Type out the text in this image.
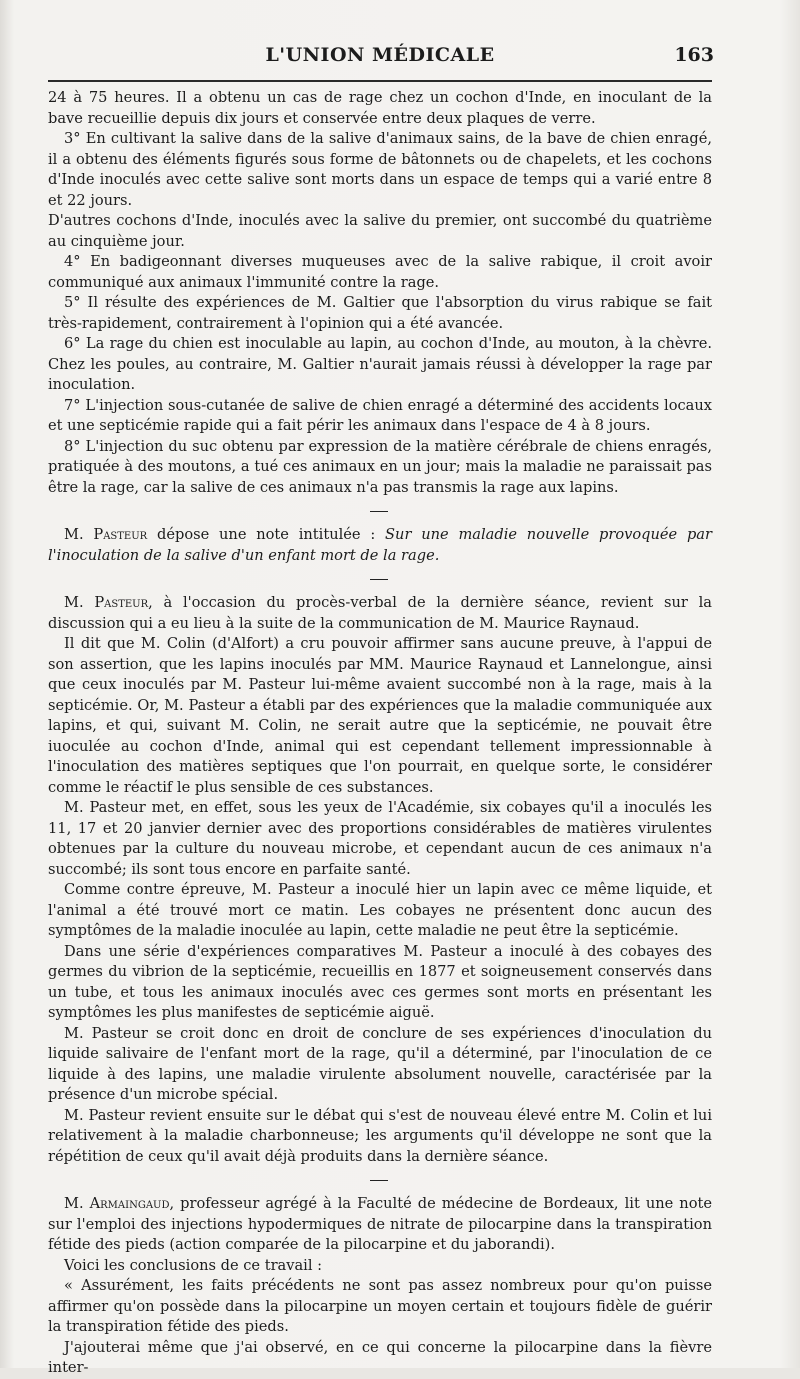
L'UNION MÉDICALE	163

24 à 75 heures. Il a obtenu un cas de rage chez un cochon d'Inde, en inoculant de la bave recueillie depuis dix jours et conservée entre deux plaques de verre.

3° En cultivant la salive dans de la salive d'animaux sains, de la bave de chien enragé, il a obtenu des éléments figurés sous forme de bâtonnets ou de chapelets, et les cochons d'Inde inoculés avec cette salive sont morts dans un espace de temps qui a varié entre 8 et 22 jours.

D'autres cochons d'Inde, inoculés avec la salive du premier, ont succombé du quatrième au cinquième jour.

4° En badigeonnant diverses muqueuses avec de la salive rabique, il croit avoir communiqué aux animaux l'immunité contre la rage.

5° Il résulte des expériences de M. Galtier que l'absorption du virus rabique se fait très-rapidement, contrairement à l'opinion qui a été avancée.

6° La rage du chien est inoculable au lapin, au cochon d'Inde, au mouton, à la chèvre. Chez les poules, au contraire, M. Galtier n'aurait jamais réussi à développer la rage par inoculation.

7° L'injection sous-cutanée de salive de chien enragé a déterminé des accidents locaux et une septicémie rapide qui a fait périr les animaux dans l'espace de 4 à 8 jours.

8° L'injection du suc obtenu par expression de la matière cérébrale de chiens enragés, pratiquée à des moutons, a tué ces animaux en un jour; mais la maladie ne paraissait pas être la rage, car la salive de ces animaux n'a pas transmis la rage aux lapins.

M. Pasteur dépose une note intitulée : Sur une maladie nouvelle provoquée par l'inoculation de la salive d'un enfant mort de la rage.

M. Pasteur, à l'occasion du procès-verbal de la dernière séance, revient sur la discussion qui a eu lieu à la suite de la communication de M. Maurice Raynaud.

Il dit que M. Colin (d'Alfort) a cru pouvoir affirmer sans aucune preuve, à l'appui de son assertion, que les lapins inoculés par MM. Maurice Raynaud et Lannelongue, ainsi que ceux inoculés par M. Pasteur lui-même avaient succombé non à la rage, mais à la septicémie. Or, M. Pasteur a établi par des expériences que la maladie communiquée aux lapins, et qui, suivant M. Colin, ne serait autre que la septicémie, ne pouvait être iuoculée au cochon d'Inde, animal qui est cependant tellement impressionnable à l'inoculation des matières septiques que l'on pourrait, en quelque sorte, le considérer comme le réactif le plus sensible de ces substances.

M. Pasteur met, en effet, sous les yeux de l'Académie, six cobayes qu'il a inoculés les 11, 17 et 20 janvier dernier avec des proportions considérables de matières virulentes obtenues par la culture du nouveau microbe, et cependant aucun de ces animaux n'a succombé; ils sont tous encore en parfaite santé.

Comme contre épreuve, M. Pasteur a inoculé hier un lapin avec ce même liquide, et l'animal a été trouvé mort ce matin. Les cobayes ne présentent donc aucun des symptômes de la maladie inoculée au lapin, cette maladie ne peut être la septicémie.

Dans une série d'expériences comparatives M. Pasteur a inoculé à des cobayes des germes du vibrion de la septicémie, recueillis en 1877 et soigneusement conservés dans un tube, et tous les animaux inoculés avec ces germes sont morts en présentant les symptômes les plus manifestes de septicémie aiguë.

M. Pasteur se croit donc en droit de conclure de ses expériences d'inoculation du liquide salivaire de l'enfant mort de la rage, qu'il a déterminé, par l'inoculation de ce liquide à des lapins, une maladie virulente absolument nouvelle, caractérisée par la présence d'un microbe spécial.

M. Pasteur revient ensuite sur le débat qui s'est de nouveau élevé entre M. Colin et lui relativement à la maladie charbonneuse; les arguments qu'il développe ne sont que la répétition de ceux qu'il avait déjà produits dans la dernière séance.

M. Armaingaud, professeur agrégé à la Faculté de médecine de Bordeaux, lit une note sur l'emploi des injections hypodermiques de nitrate de pilocarpine dans la transpiration fétide des pieds (action comparée de la pilocarpine et du jaborandi).

Voici les conclusions de ce travail :

« Assurément, les faits précédents ne sont pas assez nombreux pour qu'on puisse affirmer qu'on possède dans la pilocarpine un moyen certain et toujours fidèle de guérir la transpiration fétide des pieds.

J'ajouterai même que j'ai observé, en ce qui concerne la pilocarpine dans la fièvre inter-
